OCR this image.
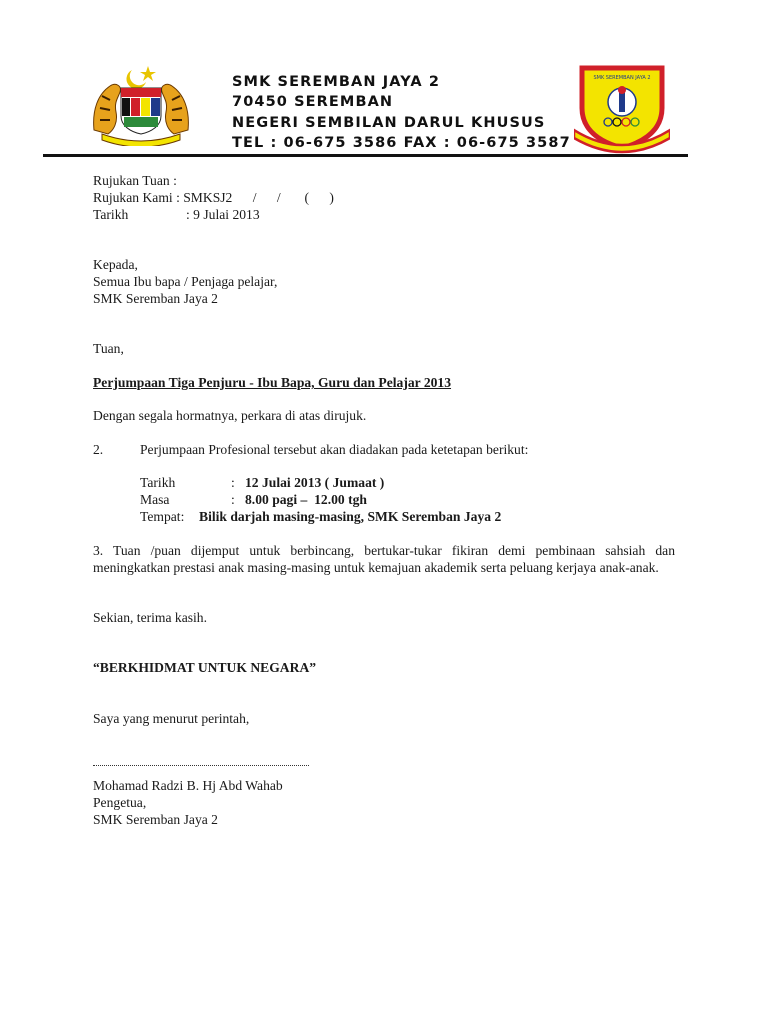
SMK SEREMBAN JAYA 2
70450 SEREMBAN
NEGERI SEMBILAN DARUL KHUSUS
TEL : 06-675 3586 FAX : 06-675 3587
SMK SEREMBAN JAYA 2
Rujukan Tuan :
Rujukan Kami : SMKSJ2      /      /       (      )
Tarikh	: 9 Julai 2013
Kepada,
Semua Ibu bapa / Penjaga pelajar,
SMK Seremban Jaya 2
Tuan,
Perjumpaan Tiga Penjuru - Ibu Bapa, Guru dan Pelajar 2013
Dengan segala hormatnya, perkara di atas dirujuk.
2.	Perjumpaan Profesional tersebut akan diadakan pada ketetapan berikut:
Tarikh	: 12 Julai 2013 ( Jumaat )
Masa	: 8.00 pagi –  12.00 tgh
Tempat: Bilik darjah masing-masing, SMK Seremban Jaya 2
3. Tuan /puan dijemput untuk berbincang, bertukar-tukar fikiran demi pembinaan sahsiah dan meningkatkan prestasi anak masing-masing untuk kemajuan akademik serta peluang kerjaya anak-anak.
Sekian, terima kasih.
“BERKHIDMAT UNTUK NEGARA”
Saya yang menurut perintah,
Mohamad Radzi B. Hj Abd Wahab
Pengetua,
SMK Seremban Jaya 2
